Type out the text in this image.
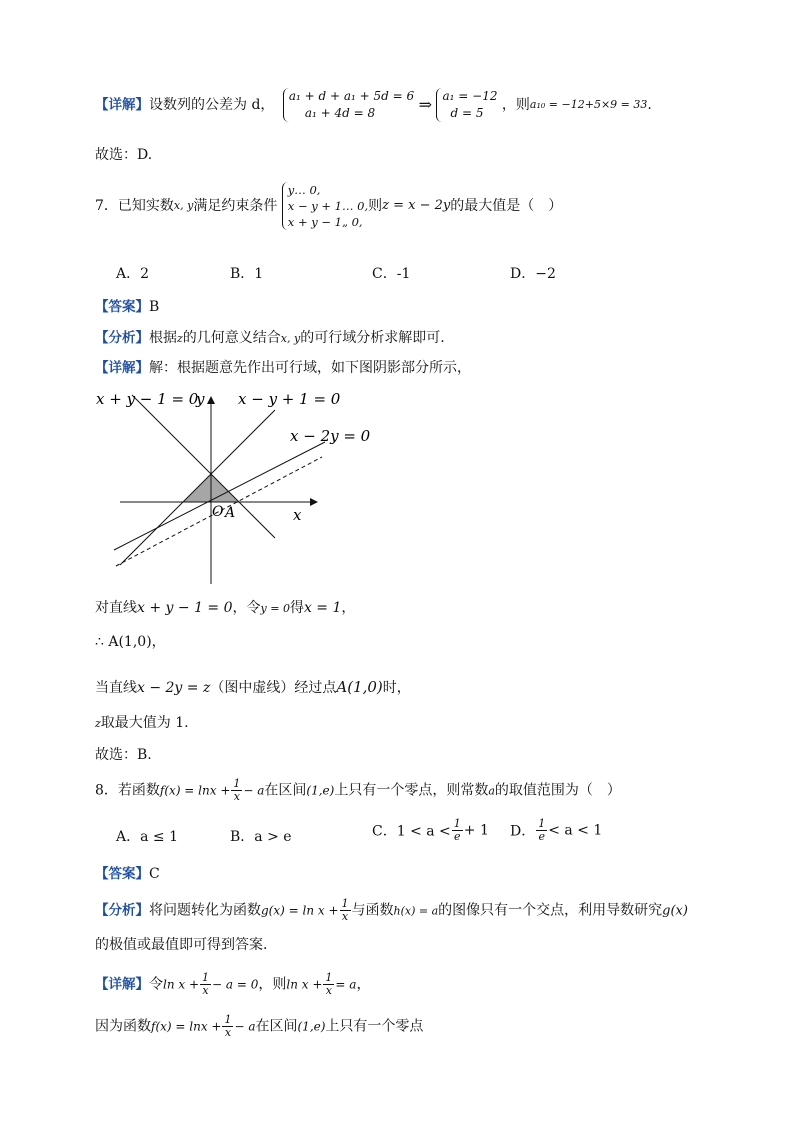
【详解】设数列的公差为 d， a₁ + d + a₁ + 5d = 6
a₁ + 4d = 8	⇒ a₁ = −12
d = 5 ，则a₁₀ = −12+5×9 = 33.
故选：D.
7．已知实数x, y满足约束条件 y… 0,
x − y + 1… 0,
x + y − 1„ 0,则z = x − 2y的最大值是（　）
A．2	B．1	C．-1	D．−2
【答案】B
【分析】根据z的几何意义结合x, y的可行域分析求解即可.
【详解】解：根据题意先作出可行域，如下图阴影部分所示，
x + y − 1 = 0
y x − y + 1 = 0
x − 2y = 0
O A	x
对直线x + y − 1 = 0，令y = 0得x = 1，
∴ A(1,0)，
当直线x − 2y = z（图中虚线）经过点A(1,0)时，
z取最大值为 1.
故选：B.
8．若函数$f(x) = \ln x + \frac{1}{x} - a$在区间(1,e)上只有一个零点，则常数a的取值范围为（　）
A．a ≤ 1	B．a > e	C．$1 < a < \frac{1}{e} + 1$ D． $\frac{1}{e} < a < 1$
【答案】C
【分析】将问题转化为函数$g(x) = \ln x + \frac{1}{x}$ 与函数h(x) = a的图像只有一个交点，利用导数研究g(x)
的极值或最值即可得到答案.
【详解】令$\ln x + \frac{1}{x} - a = 0$，则$\ln x + \frac{1}{x} = a$，
因为函数$f(x) = \ln x + \frac{1}{x} - a$在区间(1,e)上只有一个零点
